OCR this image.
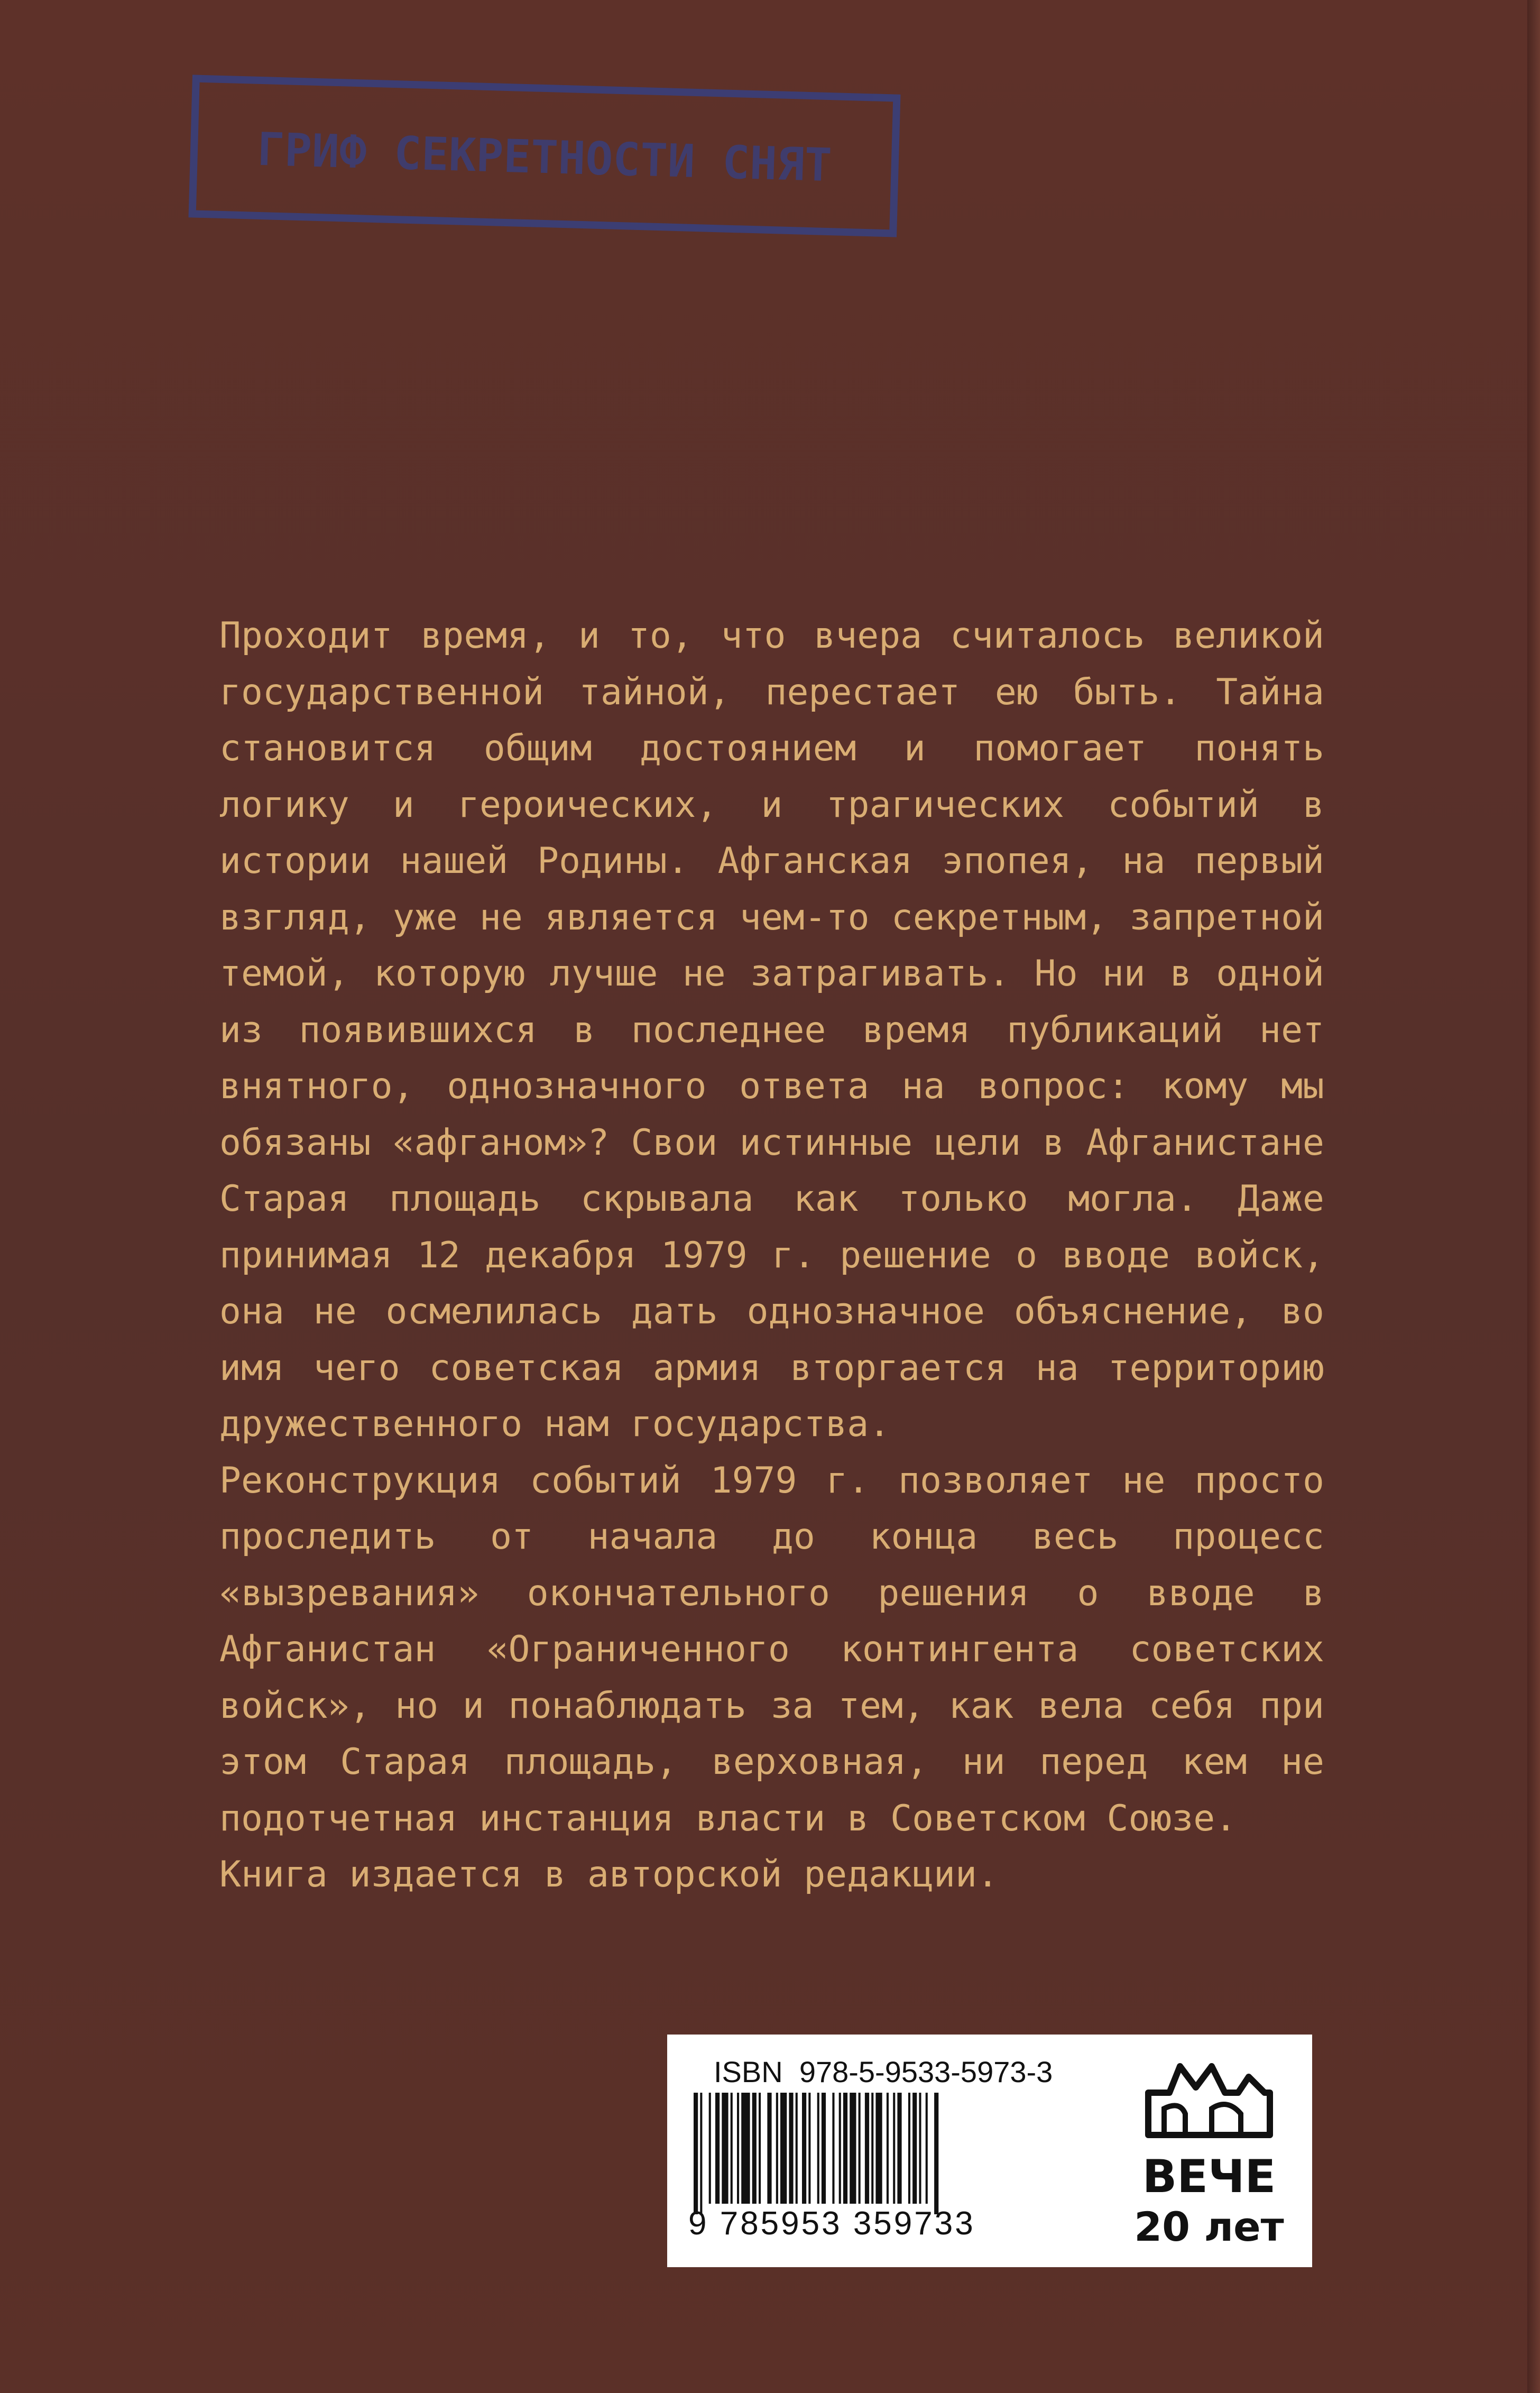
ГРИФ СЕКРЕТНОСТИ СНЯТ

Проходит время, и то, что вчера считалось великой государственной тайной, перестает ею быть. Тайна становится общим достоянием и помогает понять логику и героических, и трагических событий в истории нашей Родины. Афганская эпопея, на первый взгляд, уже не является чем-то секретным, запретной темой, которую лучше не затрагивать. Но ни в одной из появившихся в последнее время публикаций нет внятного, однозначного ответа на вопрос: кому мы обязаны «афганом»? Свои истинные цели в Афганистане Старая площадь скрывала как только могла. Даже принимая 12 декабря 1979 г. решение о вводе войск, она не осмелилась дать однозначное объяснение, во имя чего советская армия вторгается на территорию дружественного нам государства.

Реконструкция событий 1979 г. позволяет не просто проследить от начала до конца весь процесс «вызревания» окончательного решения о вводе в Афганистан «Ограниченного контингента советских войск», но и понаблюдать за тем, как вела себя при этом Старая площадь, верховная, ни перед кем не подотчетная инстанция власти в Советском Союзе.

Книга издается в авторской редакции.

ISBN  978-5-9533-5973-3
9 785953 359733
ВЕЧЕ
20 лет
